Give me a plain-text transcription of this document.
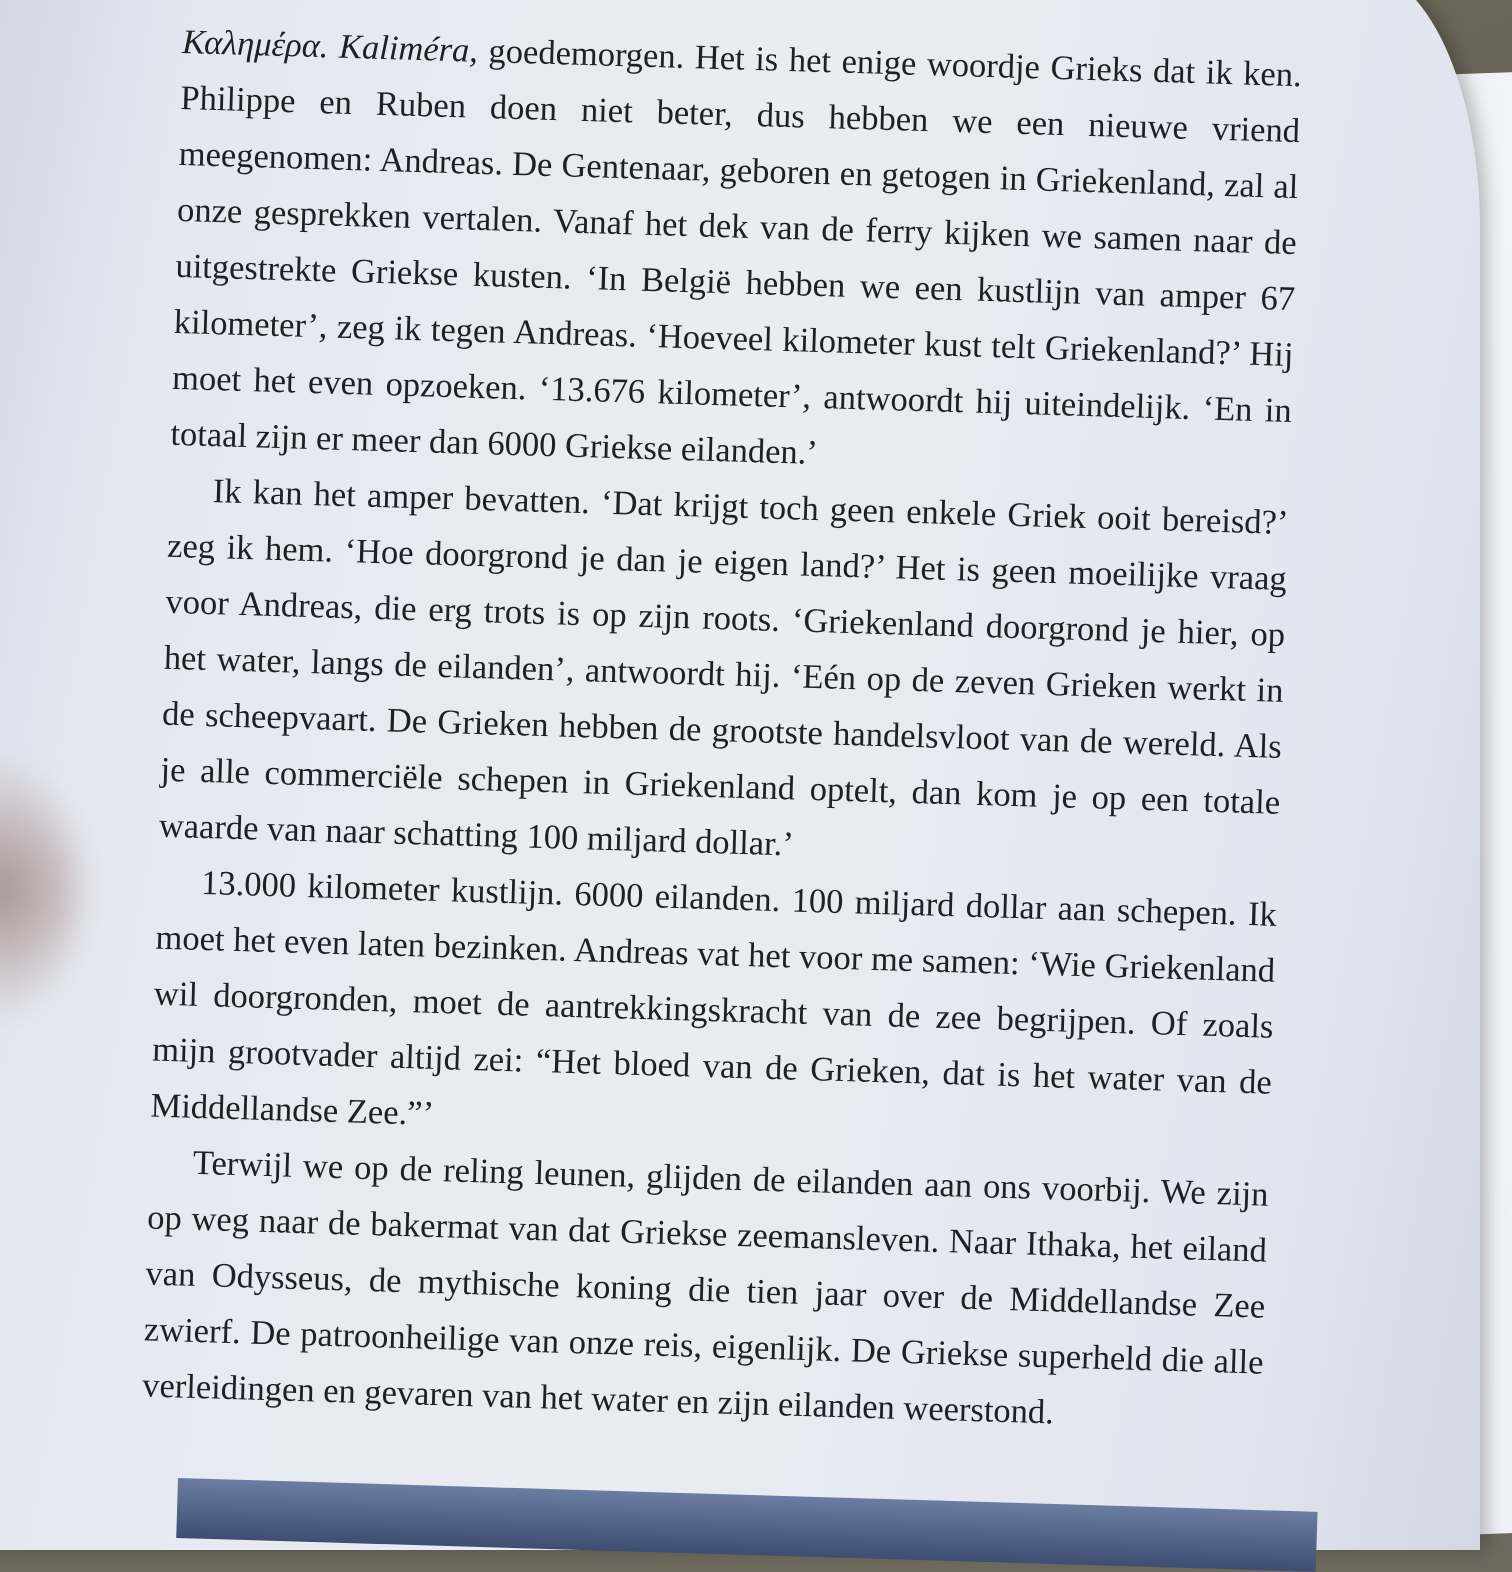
Καλημέρα. Kaliméra, goedemorgen. Het is het enige woordje Grieks dat ik ken. Philippe en Ruben doen niet beter, dus hebben we een nieuwe vriend meegenomen: Andreas. De Gentenaar, geboren en getogen in Griekenland, zal al onze gesprekken vertalen. Vanaf het dek van de ferry kijken we samen naar de uitgestrekte Griekse kusten. ‘In België hebben we een kustlijn van amper 67 kilometer’, zeg ik tegen Andreas. ‘Hoeveel kilometer kust telt Griekenland?’ Hij moet het even opzoeken. ‘13.676 kilometer’, antwoordt hij uiteindelijk. ‘En in totaal zijn er meer dan 6000 Griekse eilanden.’

Ik kan het amper bevatten. ‘Dat krijgt toch geen enkele Griek ooit bereisd?’ zeg ik hem. ‘Hoe doorgrond je dan je eigen land?’ Het is geen moeilijke vraag voor Andreas, die erg trots is op zijn roots. ‘Griekenland doorgrond je hier, op het water, langs de eilanden’, antwoordt hij. ‘Eén op de zeven Grieken werkt in de scheepvaart. De Grieken hebben de grootste handelsvloot van de wereld. Als je alle commerciële schepen in Griekenland optelt, dan kom je op een totale waarde van naar schatting 100 miljard dollar.’

13.000 kilometer kustlijn. 6000 eilanden. 100 miljard dollar aan schepen. Ik moet het even laten bezinken. Andreas vat het voor me samen: ‘Wie Griekenland wil doorgronden, moet de aantrekkingskracht van de zee begrijpen. Of zoals mijn grootvader altijd zei: “Het bloed van de Grieken, dat is het water van de Middellandse Zee.”’

Terwijl we op de reling leunen, glijden de eilanden aan ons voorbij. We zijn op weg naar de bakermat van dat Griekse zeemansleven. Naar Ithaka, het eiland van Odysseus, de mythische koning die tien jaar over de Middellandse Zee zwierf. De patroonheilige van onze reis, eigenlijk. De Griekse superheld die alle verleidingen en gevaren van het water en zijn eilanden weerstond.
